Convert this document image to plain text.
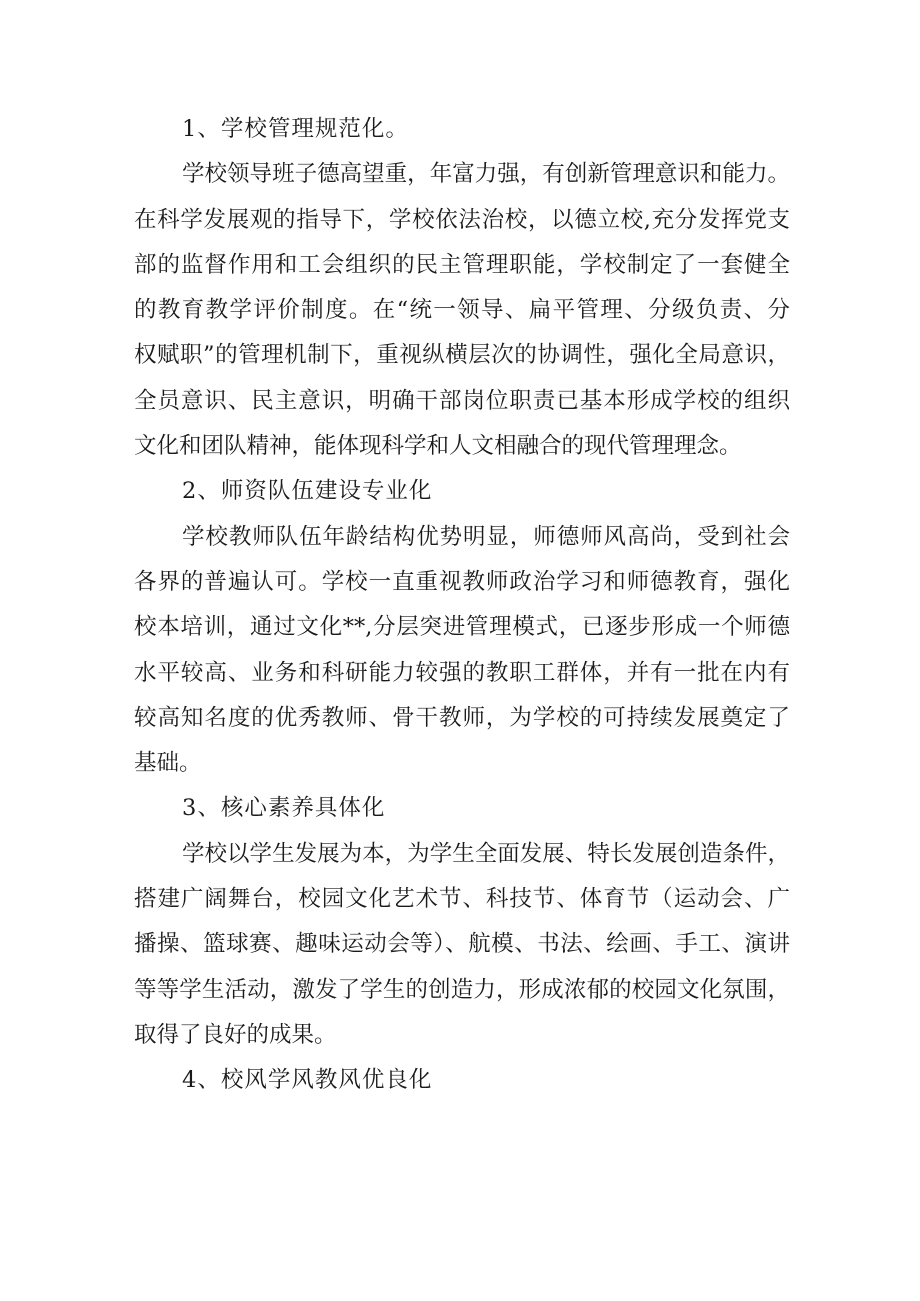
1、学校管理规范化。
学校领导班子德高望重，年富力强，有创新管理意识和能力。
在科学发展观的指导下，学校依法治校，以德立校,充分发挥党支
部的监督作用和工会组织的民主管理职能，学校制定了一套健全
的教育教学评价制度。在“统一领导、扁平管理、分级负责、分
权赋职”的管理机制下，重视纵横层次的协调性，强化全局意识，
全员意识、民主意识，明确干部岗位职责已基本形成学校的组织
文化和团队精神，能体现科学和人文相融合的现代管理理念。
2、师资队伍建设专业化
学校教师队伍年龄结构优势明显，师德师风高尚，受到社会
各界的普遍认可。学校一直重视教师政治学习和师德教育，强化
校本培训，通过文化**,分层突进管理模式，已逐步形成一个师德
水平较高、业务和科研能力较强的教职工群体，并有一批在内有
较高知名度的优秀教师、骨干教师，为学校的可持续发展奠定了
基础。
3、核心素养具体化
学校以学生发展为本，为学生全面发展、特长发展创造条件，
搭建广阔舞台，校园文化艺术节、科技节、体育节（运动会、广
播操、篮球赛、趣味运动会等）、航模、书法、绘画、手工、演讲
等等学生活动，激发了学生的创造力，形成浓郁的校园文化氛围，
取得了良好的成果。
4、校风学风教风优良化
